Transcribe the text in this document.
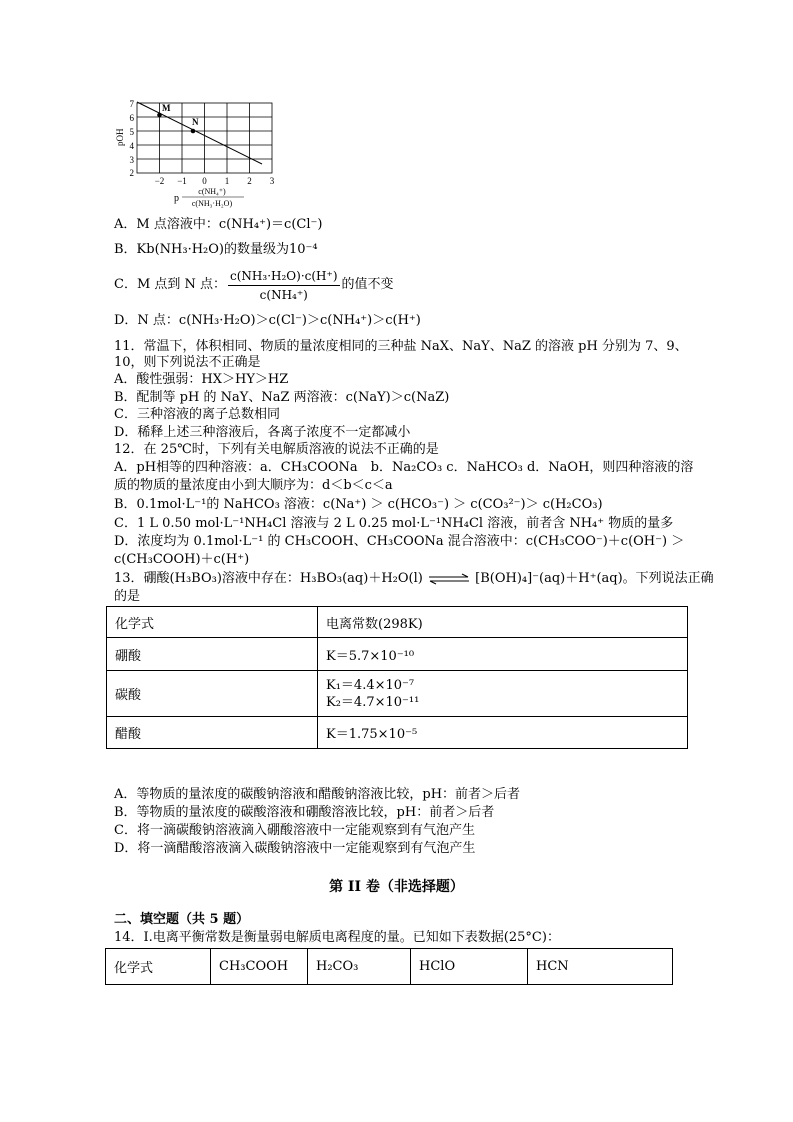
M
N
7
6
5
4
3
2
−2 −1 0 1 2 3
pOH
p
c(NH₄⁺)
c(NH₃·H₂O)
A．M 点溶液中：c(NH₄⁺)＝c(Cl⁻)
B．Kb(NH₃·H₂O)的数量级为10⁻⁴
C．M 点到 N 点： $\frac{\text{c(NH₃·H₂O)·c(H⁺)}}{\text{c(NH₄⁺)}}$ 的值不变
D．N 点：c(NH₃·H₂O)＞c(Cl⁻)＞c(NH₄⁺)＞c(H⁺)
11．常温下，体积相同、物质的量浓度相同的三种盐 NaX、NaY、NaZ 的溶液 pH 分别为 7、9、
10，则下列说法不正确是
A．酸性强弱：HX＞HY＞HZ
B．配制等 pH 的 NaY、NaZ 两溶液：c(NaY)＞c(NaZ)
C．三种溶液的离子总数相同
D．稀释上述三种溶液后，各离子浓度不一定都减小
12．在 25℃时，下列有关电解质溶液的说法不正确的是
A．pH相等的四种溶液：a．CH₃COONa　b．Na₂CO₃ c．NaHCO₃ d．NaOH，则四种溶液的溶
质的物质的量浓度由小到大顺序为：d＜b＜c＜a
B．0.1mol·L⁻¹的 NaHCO₃ 溶液：c(Na⁺) ＞ c(HCO₃⁻) ＞ c(CO₃²⁻)＞ c(H₂CO₃)
C．1 L 0.50 mol·L⁻¹NH₄Cl 溶液与 2 L 0.25 mol·L⁻¹NH₄Cl 溶液，前者含 NH₄⁺ 物质的量多
D．浓度均为 0.1mol·L⁻¹ 的 CH₃COOH、CH₃COONa 混合溶液中：c(CH₃COO⁻)＋c(OH⁻) ＞
c(CH₃COOH)＋c(H⁺)
13．硼酸(H₃BO₃)溶液中存在：H₃BO₃(aq)＋H₂O(l) ⇌ [B(OH)₄]⁻(aq)＋H⁺(aq)。下列说法正确
的是
化学式	电离常数(298K)
硼酸	K＝5.7×10⁻¹⁰
碳酸	K₁＝4.4×10⁻⁷
K₂＝4.7×10⁻¹¹

醋酸	K＝1.75×10⁻⁵
A．等物质的量浓度的碳酸钠溶液和醋酸钠溶液比较，pH：前者＞后者
B．等物质的量浓度的碳酸溶液和硼酸溶液比较，pH：前者＞后者
C．将一滴碳酸钠溶液滴入硼酸溶液中一定能观察到有气泡产生
D．将一滴醋酸溶液滴入碳酸钠溶液中一定能观察到有气泡产生
第 II 卷（非选择题）
二、填空题（共 5 题）
14．I.电离平衡常数是衡量弱电解质电离程度的量。已知如下表数据(25°C)：
化学式	CH₃COOH	H₂CO₃	HClO	HCN
